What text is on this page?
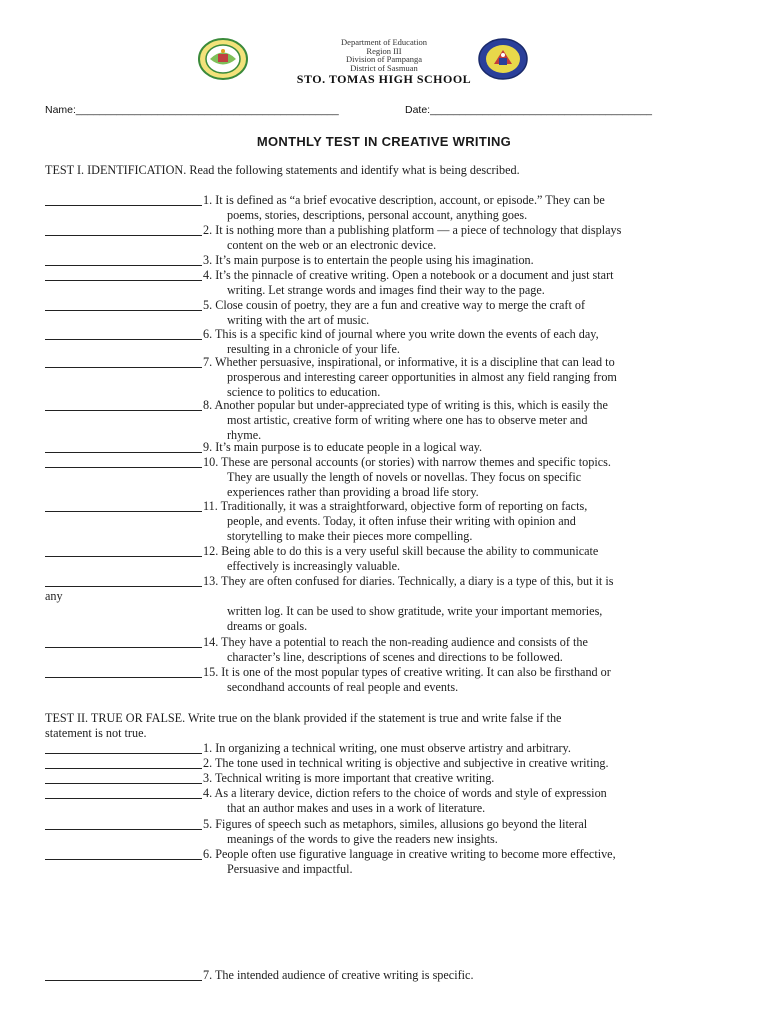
Department of Education
Region III
Division of Pampanga
District of Sasmuan
STO. TOMAS HIGH SCHOOL
Name:_____________________________________________	Date:______________________________________
MONTHLY TEST IN CREATIVE WRITING
TEST I. IDENTIFICATION. Read the following statements and identify what is being described.
1. It is defined as “a brief evocative description, account, or episode.” They can be
poems, stories, descriptions, personal account, anything goes.
2. It is nothing more than a publishing platform — a piece of technology that displays
content on the web or an electronic device.
3. It’s main purpose is to entertain the people using his imagination.
4. It’s the pinnacle of creative writing. Open a notebook or a document and just start
writing. Let strange words and images find their way to the page.
5. Close cousin of poetry, they are a fun and creative way to merge the craft of
writing with the art of music.
6. This is a specific kind of journal where you write down the events of each day,
resulting in a chronicle of your life.
7. Whether persuasive, inspirational, or informative, it is a discipline that can lead to
prosperous and interesting career opportunities in almost any field ranging from
science to politics to education.
8. Another popular but under-appreciated type of writing is this, which is easily the
most artistic, creative form of writing where one has to observe meter and
rhyme.
9. It’s main purpose is to educate people in a logical way.
10. These are personal accounts (or stories) with narrow themes and specific topics.
They are usually the length of novels or novellas. They focus on specific
experiences rather than providing a broad life story.
11. Traditionally, it was a straightforward, objective form of reporting on facts,
people, and events. Today, it often infuse their writing with opinion and
storytelling to make their pieces more compelling.
12. Being able to do this is a very useful skill because the ability to communicate
effectively is increasingly valuable.
13. They are often confused for diaries. Technically, a diary is a type of this, but it is
any
written log. It can be used to show gratitude, write your important memories,
dreams or goals.
14. They have a potential to reach the non-reading audience and consists of the
character’s line, descriptions of scenes and directions to be followed.
15. It is one of the most popular types of creative writing. It can also be firsthand or
secondhand accounts of real people and events.
TEST II. TRUE OR FALSE. Write true on the blank provided if the statement is true and write false if the
statement is not true.
1. In organizing a technical writing, one must observe artistry and arbitrary.
2. The tone used in technical writing is objective and subjective in creative writing.
3. Technical writing is more important that creative writing.
4. As a literary device, diction refers to the choice of words and style of expression
that an author makes and uses in a work of literature.
5. Figures of speech such as metaphors, similes, allusions go beyond the literal
meanings of the words to give the readers new insights.
6. People often use figurative language in creative writing to become more effective,
Persuasive and impactful.
7. The intended audience of creative writing is specific.
